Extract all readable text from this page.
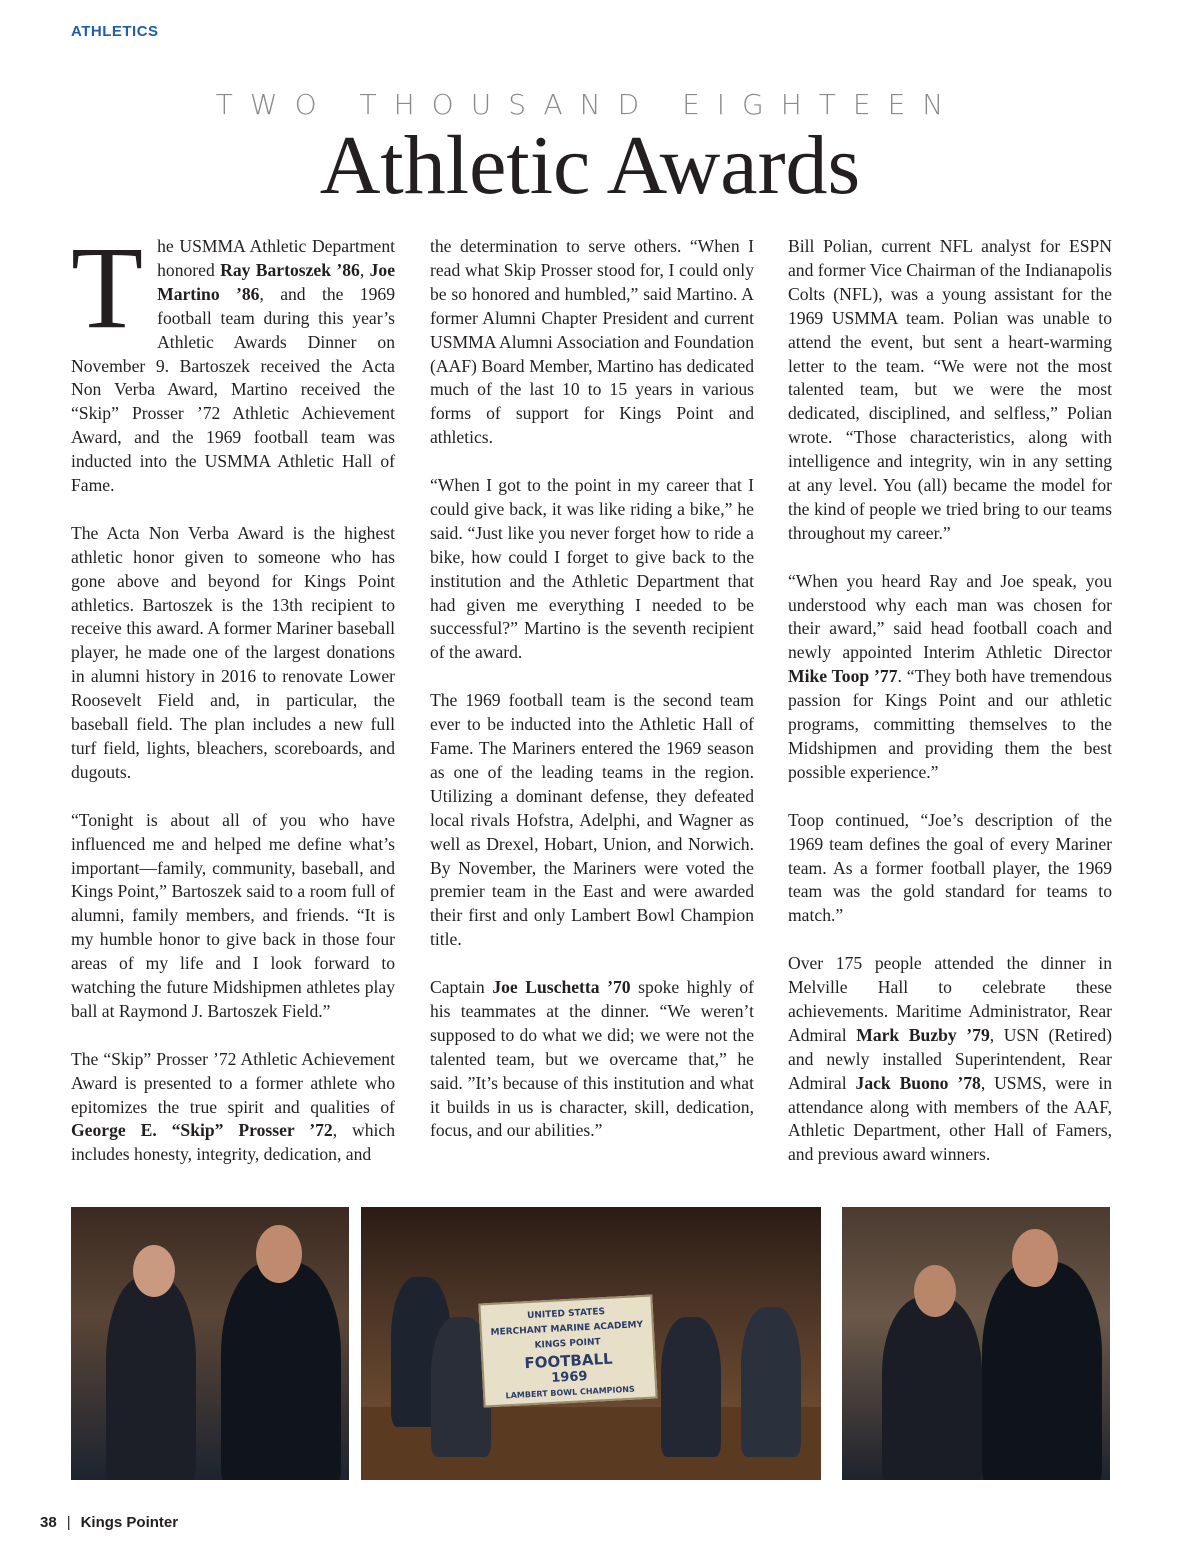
ATHLETICS
TWO THOUSAND EIGHTEEN
Athletic Awards

The USMMA Athletic Department honored Ray Bartoszek ’86, Joe Martino ’86, and the 1969 football team during this year’s Athletic Awards Dinner on November 9. Bartoszek received the Acta Non Verba Award, Martino received the “Skip” Prosser ’72 Athletic Achievement Award, and the 1969 football team was inducted into the USMMA Athletic Hall of Fame.

The Acta Non Verba Award is the highest athletic honor given to someone who has gone above and beyond for Kings Point athletics. Bartoszek is the 13th recipient to receive this award. A former Mariner baseball player, he made one of the largest donations in alumni history in 2016 to renovate Lower Roosevelt Field and, in particular, the baseball field. The plan includes a new full turf field, lights, bleachers, scoreboards, and dugouts.

“Tonight is about all of you who have influenced me and helped me define what’s important—family, community, baseball, and Kings Point,” Bartoszek said to a room full of alumni, family members, and friends. “It is my humble honor to give back in those four areas of my life and I look forward to watching the future Midshipmen athletes play ball at Raymond J. Bartoszek Field.”

The “Skip” Prosser ’72 Athletic Achievement Award is presented to a former athlete who epitomizes the true spirit and qualities of George E. “Skip” Prosser ’72, which includes honesty, integrity, dedication, and

the determination to serve others. “When I read what Skip Prosser stood for, I could only be so honored and humbled,” said Martino. A former Alumni Chapter President and current USMMA Alumni Association and Foundation (AAF) Board Member, Martino has dedicated much of the last 10 to 15 years in various forms of support for Kings Point and athletics.

“When I got to the point in my career that I could give back, it was like riding a bike,” he said. “Just like you never forget how to ride a bike, how could I forget to give back to the institution and the Athletic Department that had given me everything I needed to be successful?” Martino is the seventh recipient of the award.

The 1969 football team is the second team ever to be inducted into the Athletic Hall of Fame. The Mariners entered the 1969 season as one of the leading teams in the region. Utilizing a dominant defense, they defeated local rivals Hofstra, Adelphi, and Wagner as well as Drexel, Hobart, Union, and Norwich. By November, the Mariners were voted the premier team in the East and were awarded their first and only Lambert Bowl Champion title.

Captain Joe Luschetta ’70 spoke highly of his teammates at the dinner. “We weren’t supposed to do what we did; we were not the talented team, but we overcame that,” he said. ”It’s because of this institution and what it builds in us is character, skill, dedication, focus, and our abilities.”

Bill Polian, current NFL analyst for ESPN and former Vice Chairman of the Indianapolis Colts (NFL), was a young assistant for the 1969 USMMA team. Polian was unable to attend the event, but sent a heart-warming letter to the team. “We were not the most talented team, but we were the most dedicated, disciplined, and selfless,” Polian wrote. “Those characteristics, along with intelligence and integrity, win in any setting at any level. You (all) became the model for the kind of people we tried bring to our teams throughout my career.”

“When you heard Ray and Joe speak, you understood why each man was chosen for their award,” said head football coach and newly appointed Interim Athletic Director Mike Toop ’77. “They both have tremendous passion for Kings Point and our athletic programs, committing themselves to the Midshipmen and providing them the best possible experience.”

Toop continued, “Joe’s description of the 1969 team defines the goal of every Mariner team. As a former football player, the 1969 team was the gold standard for teams to match.”

Over 175 people attended the dinner in Melville Hall to celebrate these achievements. Maritime Administrator, Rear Admiral Mark Buzby ’79, USN (Retired) and newly installed Superintendent, Rear Admiral Jack Buono ’78, USMS, were in attendance along with members of the AAF, Athletic Department, other Hall of Famers, and previous award winners.

UNITED STATES
MERCHANT MARINE ACADEMY
KINGS POINT
FOOTBALL
1969
LAMBERT BOWL CHAMPIONS
38 | Kings Pointer
